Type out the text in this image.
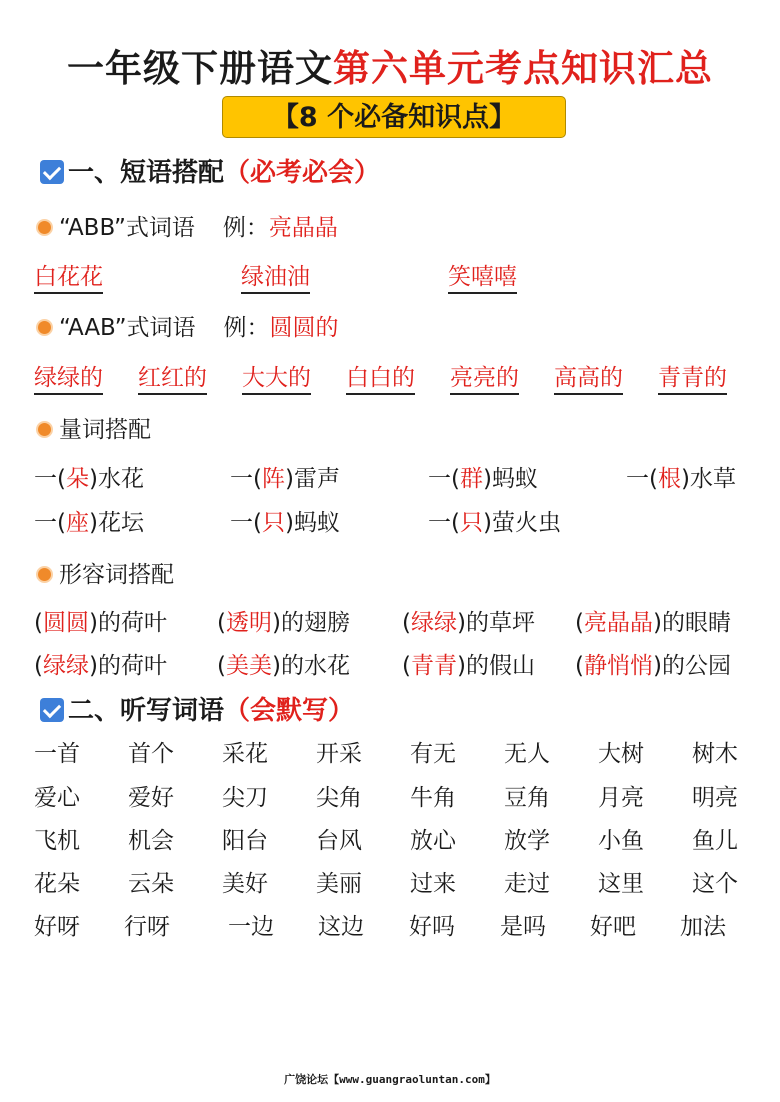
一年级下册语文第六单元考点知识汇总
【8 个必备知识点】
一、短语搭配（必考必会）
“ABB”式词语 例：亮晶晶
白花花	绿油油	笑嘻嘻
“AAB”式词语 例：圆圆的
绿绿的 红红的 大大的 白白的 亮亮的 高高的 青青的
量词搭配
一(朵)水花	一(阵)雷声	一(群)蚂蚁	一(根)水草
一(座)花坛	一(只)蚂蚁	一(只)萤火虫
形容词搭配
(圆圆)的荷叶 (透明)的翅膀 (绿绿)的草坪 (亮晶晶)的眼睛
(绿绿)的荷叶 (美美)的水花 (青青)的假山 (静悄悄)的公园
二、听写词语（会默写）
一首 首个 采花 开采 有无 无人 大树 树木
爱心 爱好 尖刀 尖角 牛角 豆角 月亮 明亮
飞机 机会 阳台 台风 放心 放学 小鱼 鱼儿
花朵 云朵 美好 美丽 过来 走过 这里 这个
好呀 行呀	一边 这边 好吗 是吗 好吧 加法
广饶论坛【www.guangraoluntan.com】
